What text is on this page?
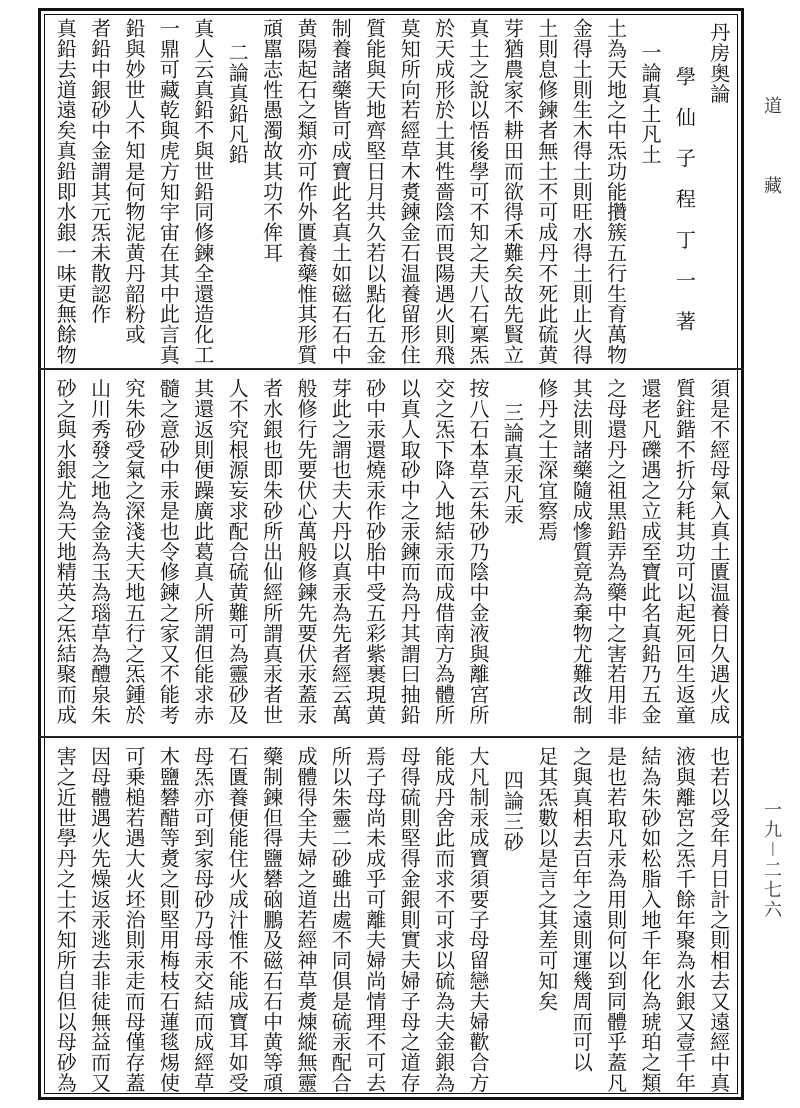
道
藏
一九－二七六
丹房奥論
學　仙　子　程　丁　一　著
一論真土凡土
土為天地之中炁功能攢簇五行生育萬物
金得土則生木得土則旺水得土則止火得
土則息修鍊者無土不可成丹不死此硫黄
芽猶農家不耕田而欲得禾難矣故先賢立
真土之說以悟後學可不知之夫八石稟炁
於天成形於土其性嗇陰而畏陽遇火則飛
莫知所向若經草木煑鍊金石温養留形住
質能與天地齊堅日月共久若以點化五金
制養諸藥皆可成寶此名真土如磁石石中
黄陽起石之類亦可作外匱養藥惟其形質
頑嚚志性愚濁故其功不侔耳
二論真鉛凡鉛
真人云真鉛不與世鉛同修鍊全還造化工
一鼎可藏乾與虎方知宇宙在其中此言真
鉛與妙世人不知是何物泥黄丹韶粉或
者鉛中銀砂中金謂其元炁未散認作
真鉛去道遠矣真鉛即水銀一味更無餘物
須是不經母氣入真土匱温養日久遇火成
質鉒鍇不折分耗其功可以起死回生返童
還老凡礫遇之立成至寶此名真鉛乃五金
之母還丹之祖黒鉛弄為藥中之害若用非
其法則諸藥隨成慘質竟為棄物尤難改制
修丹之士深宜察焉
三論真汞凡汞
按八石本草云朱砂乃陰中金液與離宮所
交之炁下降入地結汞而成借南方為體所
以真人取砂中之汞鍊而為丹其謂曰抽鉛
砂中汞還燒汞作砂胎中受五彩紫裹現黄
芽此之謂也夫大丹以真汞為先者經云萬
般修行先要伏心萬般修鍊先要伏汞蓋汞
者水銀也即朱砂所出仙經所謂真汞者世
人不究根源妄求配合硫黄難可為靈砂及
其還返則便躁廣此葛真人所謂但能求赤
髓之意砂中汞是也令修鍊之家又不能考
究朱砂受氣之深淺夫天地五行之炁鍾於
山川秀發之地為金為玉為瑙草為醴泉朱
砂之與水銀尤為天地精英之炁結聚而成
也若以受年月日計之則相去又遠經中真
液與離宮之炁千餘年聚為水銀又壹千年
結為朱砂如松脂入地千年化為琥珀之類
是也若取凡汞為用則何以到同體乎蓋凡
之與真相去百年之遠則運幾周而可以
足其炁數以是言之其差可知矣
四論三砂
大凡制汞成寶須要子母留戀夫婦歡合方
能成丹舍此而求不可求以硫為夫金銀為
母得硫則堅得金銀則實夫婦子母之道存
焉子母尚未成乎可離夫婦尚情理不可去
所以朱靈二砂雖出處不同俱是硫汞配合
成體得全夫婦之道若經神草煑煉縱無靈
藥制鍊但得鹽礬硇鵬及磁石石中黄等頑
石匱養便能住火成汁惟不能成寶耳如受
母炁亦可到家母砂乃母汞交結而成經草
木鹽礬醋等煑之則堅用梅枝石蓮毯焬使
可乗槌若遇大火坯治則汞走而母僅存蓋
因母體遇火先燥返汞逃去非徒無益而又
害之近世學丹之士不知所自但以母砂為
